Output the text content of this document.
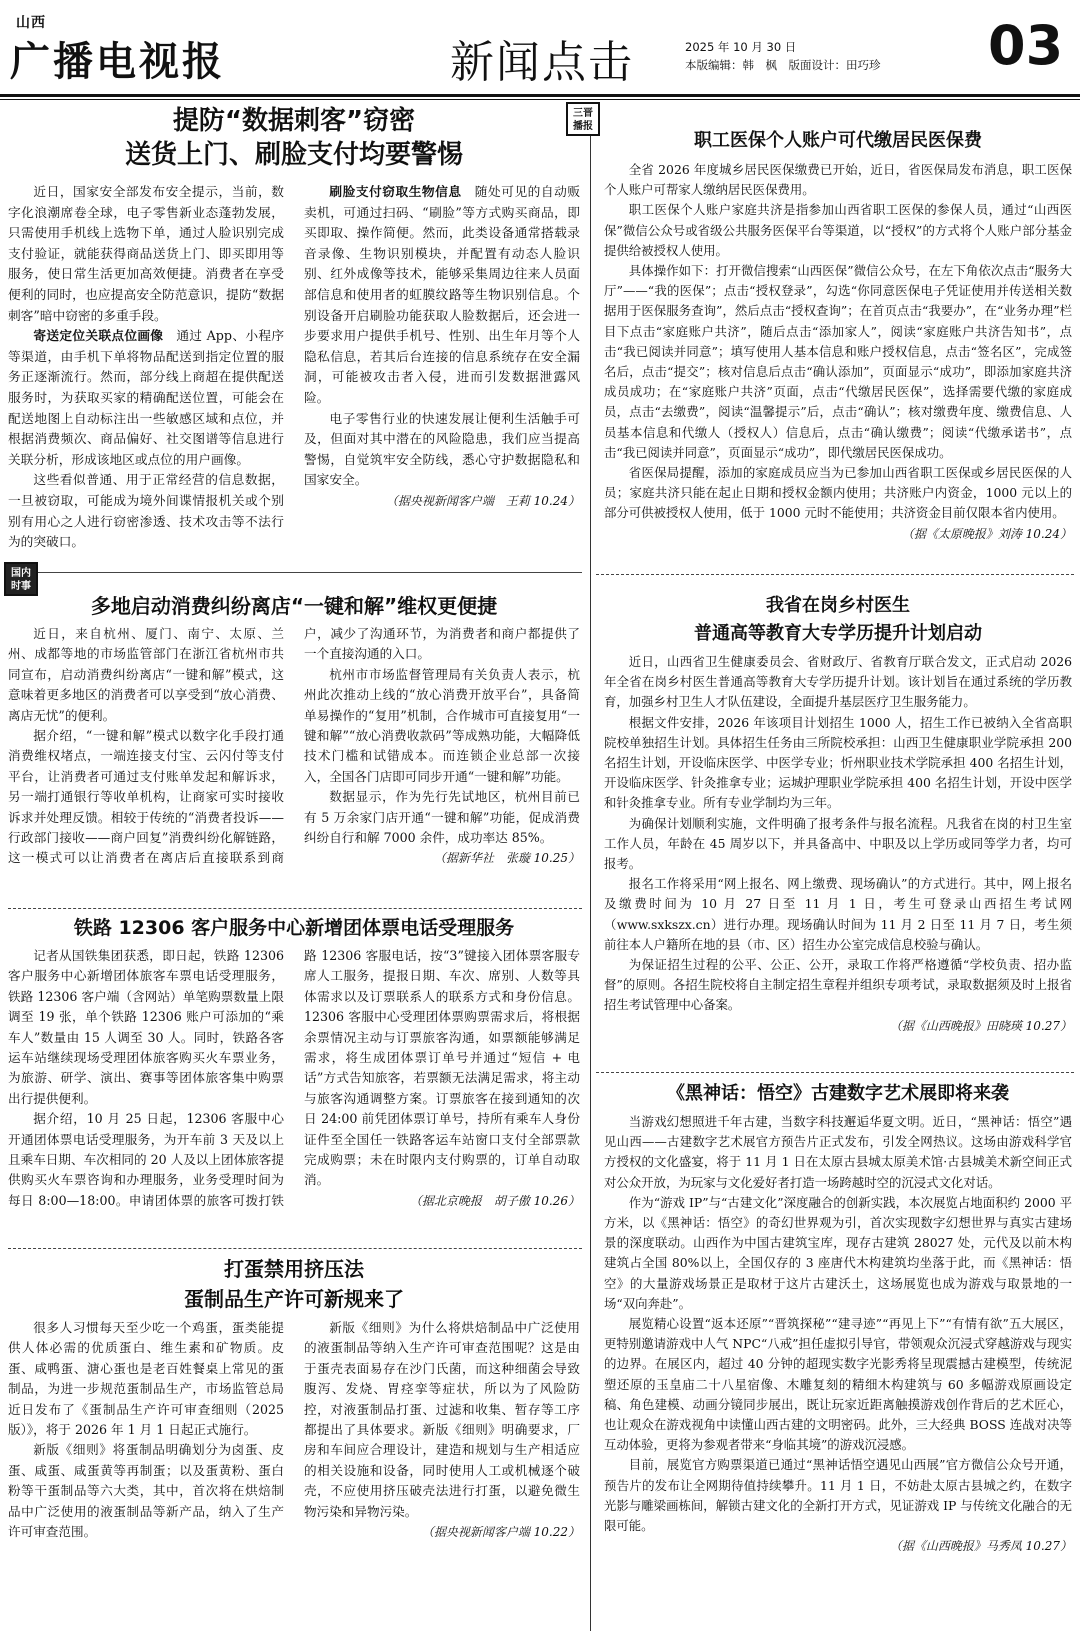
山西
广播电视报	新闻点击	2025 年 10 月 30 日
本版编辑：韩　枫　版面设计：田巧珍 03
提防“数据刺客”窃密
送货上门、刷脸支付均要警惕

近日，国家安全部发布安全提示，当前，数字化浪潮席卷全球，电子零售新业态蓬勃发展，只需使用手机线上选物下单，通过人脸识别完成支付验证，就能获得商品送货上门、即买即用等服务，使日常生活更加高效便捷。消费者在享受便利的同时，也应提高安全防范意识，提防“数据刺客”暗中窃密的多重手段。

寄送定位关联点位画像　 通过 App、小程序等渠道，由手机下单将物品配送到指定位置的服务正逐渐流行。然而，部分线上商超在提供配送服务时，为获取买家的精确配送位置，可能会在配送地图上自动标注出一些敏感区域和点位，并根据消费频次、商品偏好、社交图谱等信息进行关联分析，形成该地区或点位的用户画像。

这些看似普通、用于正常经营的信息数据，一旦被窃取，可能成为境外间谍情报机关或个别别有用心之人进行窃密渗透、技术攻击等不法行为的突破口。

刷脸支付窃取生物信息　 随处可见的自动贩卖机，可通过扫码、“刷脸”等方式购买商品，即买即取、操作简便。然而，此类设备通常搭载录音录像、生物识别模块，并配置有动态人脸识别、红外成像等技术，能够采集周边往来人员面部信息和使用者的虹膜纹路等生物识别信息。个别设备开启刷脸功能获取人脸数据后，还会进一步要求用户提供手机号、性别、出生年月等个人隐私信息，若其后台连接的信息系统存在安全漏洞，可能被攻击者入侵，进而引发数据泄露风险。

电子零售行业的快速发展让便利生活触手可及，但面对其中潜在的风险隐患，我们应当提高警惕，自觉筑牢安全防线，悉心守护数据隐私和国家安全。

（据央视新闻客户端　王莉 10.24）
国内
时事
多地启动消费纠纷离店“一键和解”维权更便捷

近日，来自杭州、厦门、南宁、太原、兰州、成都等地的市场监管部门在浙江省杭州市共同宣布，启动消费纠纷离店“一键和解”模式，这意味着更多地区的消费者可以享受到“放心消费、离店无忧”的便利。

据介绍，“一键和解”模式以数字化手段打通消费维权堵点，一端连接支付宝、云闪付等支付平台，让消费者可通过支付账单发起和解诉求，另一端打通银行等收单机构，让商家可实时接收诉求并处理反馈。相较于传统的“消费者投诉——行政部门接收——商户回复”消费纠纷化解链路，这一模式可以让消费者在离店后直接联系到商户，减少了沟通环节，为消费者和商户都提供了一个直接沟通的入口。

杭州市市场监督管理局有关负责人表示，杭州此次推动上线的“放心消费开放平台”，具备简单易操作的“复用”机制，合作城市可直接复用“一键和解”“放心消费收款码”等成熟功能，大幅降低技术门槛和试错成本。而连锁企业总部一次接入，全国各门店即可同步开通“一键和解”功能。

数据显示，作为先行先试地区，杭州目前已有 5 万余家门店开通“一键和解”功能，促成消费纠纷自行和解 7000 余件，成功率达 85%。

（据新华社　张璇 10.25）
铁路 12306 客户服务中心新增团体票电话受理服务

记者从国铁集团获悉，即日起，铁路 12306 客户服务中心新增团体旅客车票电话受理服务，铁路 12306 客户端（含网站）单笔购票数量上限调至 19 张，单个铁路 12306 账户可添加的“乘车人”数量由 15 人调至 30 人。同时，铁路各客运车站继续现场受理团体旅客购买火车票业务，为旅游、研学、演出、赛事等团体旅客集中购票出行提供便利。

据介绍，10 月 25 日起，12306 客服中心开通团体票电话受理服务，为开车前 3 天及以上且乘车日期、车次相同的 20 人及以上团体旅客提供购买火车票咨询和办理服务，业务受理时间为每日 8:00—18:00。申请团体票的旅客可拨打铁路 12306 客服电话，按“3”键接入团体票客服专席人工服务，提报日期、车次、席别、人数等具体需求以及订票联系人的联系方式和身份信息。12306 客服中心受理团体票购票需求后，将根据余票情况主动与订票旅客沟通，如票额能够满足需求，将生成团体票订单号并通过“短信 + 电话”方式告知旅客，若票额无法满足需求，将主动与旅客沟通调整方案。订票旅客在接到通知的次日 24:00 前凭团体票订单号，持所有乘车人身份证件至全国任一铁路客运车站窗口支付全部票款完成购票；未在时限内支付购票的，订单自动取消。

（据北京晚报　胡子傲 10.26）
打蛋禁用挤压法
蛋制品生产许可新规来了

很多人习惯每天至少吃一个鸡蛋，蛋类能提供人体必需的优质蛋白、维生素和矿物质。皮蛋、咸鸭蛋、溏心蛋也是老百姓餐桌上常见的蛋制品，为进一步规范蛋制品生产，市场监管总局近日发布了《蛋制品生产许可审查细则（2025 版）》，将于 2026 年 1 月 1 日起正式施行。

新版《细则》将蛋制品明确划分为卤蛋、皮蛋、咸蛋、咸蛋黄等再制蛋；以及蛋黄粉、蛋白粉等干蛋制品等六大类，其中，首次将在烘焙制品中广泛使用的液蛋制品等新产品，纳入了生产许可审查范围。

新版《细则》为什么将烘焙制品中广泛使用的液蛋制品等纳入生产许可审查范围呢？这是由于蛋壳表面易存在沙门氏菌，而这种细菌会导致腹泻、发烧、胃痉挛等症状，所以为了风险防控，对液蛋制品打蛋、过滤和收集、暂存等工序都提出了具体要求。新版《细则》明确要求，厂房和车间应合理设计，建造和规划与生产相适应的相关设施和设备，同时使用人工或机械逐个破壳，不应使用挤压破壳法进行打蛋，以避免微生物污染和异物污染。

（据央视新闻客户端 10.22）
三晋
播报
职工医保个人账户可代缴居民医保费

全省 2026 年度城乡居民医保缴费已开始，近日，省医保局发布消息，职工医保个人账户可帮家人缴纳居民医保费用。

职工医保个人账户家庭共济是指参加山西省职工医保的参保人员，通过“山西医保”微信公众号或省级公共服务医保平台等渠道，以“授权”的方式将个人账户部分基金提供给被授权人使用。

具体操作如下：打开微信搜索“山西医保”微信公众号，在左下角依次点击“服务大厅”——“我的医保”；点击“授权登录”，勾选“你同意医保电子凭证使用并传送相关数据用于医保服务查询”，然后点击“授权查询”；在首页点击“我要办”，在“业务办理”栏目下点击“家庭账户共济”，随后点击“添加家人”，阅读“家庭账户共济告知书”，点击“我已阅读并同意”；填写使用人基本信息和账户授权信息，点击“签名区”，完成签名后，点击“提交”；核对信息后点击“确认添加”，页面显示“成功”，即添加家庭共济成员成功；在“家庭账户共济”页面，点击“代缴居民医保”，选择需要代缴的家庭成员，点击“去缴费”，阅读“温馨提示”后，点击“确认”；核对缴费年度、缴费信息、人员基本信息和代缴人（授权人）信息后，点击“确认缴费”；阅读“代缴承诺书”，点击“我已阅读并同意”，页面显示“成功”，即代缴居民医保成功。

省医保局提醒，添加的家庭成员应当为已参加山西省职工医保或乡居民医保的人员；家庭共济只能在起止日期和授权金额内使用；共济账户内资金，1000 元以上的部分可供被授权人使用，低于 1000 元时不能使用；共济资金目前仅限本省内使用。

（据《太原晚报》刘涛 10.24）
我省在岗乡村医生
普通高等教育大专学历提升计划启动

近日，山西省卫生健康委员会、省财政厅、省教育厅联合发文，正式启动 2026 年全省在岗乡村医生普通高等教育大专学历提升计划。该计划旨在通过系统的学历教育，加强乡村卫生人才队伍建设，全面提升基层医疗卫生服务能力。

根据文件安排，2026 年该项目计划招生 1000 人，招生工作已被纳入全省高职院校单独招生计划。具体招生任务由三所院校承担：山西卫生健康职业学院承担 200 名招生计划，开设临床医学、中医学专业；忻州职业技术学院承担 400 名招生计划，开设临床医学、针灸推拿专业；运城护理职业学院承担 400 名招生计划，开设中医学和针灸推拿专业。所有专业学制均为三年。

为确保计划顺利实施，文件明确了报考条件与报名流程。凡我省在岗的村卫生室工作人员，年龄在 45 周岁以下，并具备高中、中职及以上学历或同等学力者，均可报考。

报名工作将采用“网上报名、网上缴费、现场确认”的方式进行。其中，网上报名及缴费时间为 10 月 27 日至 11 月 1 日，考生可登录山西招生考试网（www.sxkszx.cn）进行办理。现场确认时间为 11 月 2 日至 11 月 7 日，考生须前往本人户籍所在地的县（市、区）招生办公室完成信息校验与确认。

为保证招生过程的公平、公正、公开，录取工作将严格遵循“学校负责、招办监督”的原则。各招生院校将自主制定招生章程并组织专项考试，录取数据须及时上报省招生考试管理中心备案。

（据《山西晚报》田晓瑛 10.27）
《黑神话：悟空》古建数字艺术展即将来袭

当游戏幻想照进千年古建，当数字科技邂逅华夏文明。近日，“黑神话：悟空”遇见山西——古建数字艺术展官方预告片正式发布，引发全网热议。这场由游戏科学官方授权的文化盛宴，将于 11 月 1 日在太原古县城太原美术馆·古县城美术新空间正式对公众开放，为玩家与文化爱好者打造一场跨越时空的沉浸式文化对话。

作为“游戏 IP”与“古建文化”深度融合的创新实践，本次展览占地面积约 2000 平方米，以《黑神话：悟空》的奇幻世界观为引，首次实现数字幻想世界与真实古建场景的深度联动。山西作为中国古建筑宝库，现存古建筑 28027 处，元代及以前木构建筑占全国 80%以上，全国仅存的 3 座唐代木构建筑均坐落于此，而《黑神话：悟空》的大量游戏场景正是取材于这片古建沃土，这场展览也成为游戏与取景地的一场“双向奔赴”。

展览精心设置“返本还原”“晋筑探秘”“建寻迹”“再见上下”“有情有欲”五大展区，更特别邀请游戏中人气 NPC“八戒”担任虚拟引导官，带领观众沉浸式穿越游戏与现实的边界。在展区内，超过 40 分钟的超现实数字光影秀将呈现震撼古建模型，传统泥塑还原的玉皇庙二十八星宿像、木雕复刻的精细木构建筑与 60 多幅游戏原画设定稿、角色建模、动画分镜同步展出，既让玩家近距离触摸游戏创作背后的艺术匠心，也让观众在游戏视角中读懂山西古建的文明密码。此外，三大经典 BOSS 连战对决等互动体验，更将为参观者带来“身临其境”的游戏沉浸感。

目前，展览官方购票渠道已通过“黑神话悟空遇见山西展”官方微信公众号开通，预告片的发布让全网期待值持续攀升。11 月 1 日，不妨赴太原古县城之约，在数字光影与雕梁画栋间，解锁古建文化的全新打开方式，见证游戏 IP 与传统文化融合的无限可能。

（据《山西晚报》马秀凤 10.27）
